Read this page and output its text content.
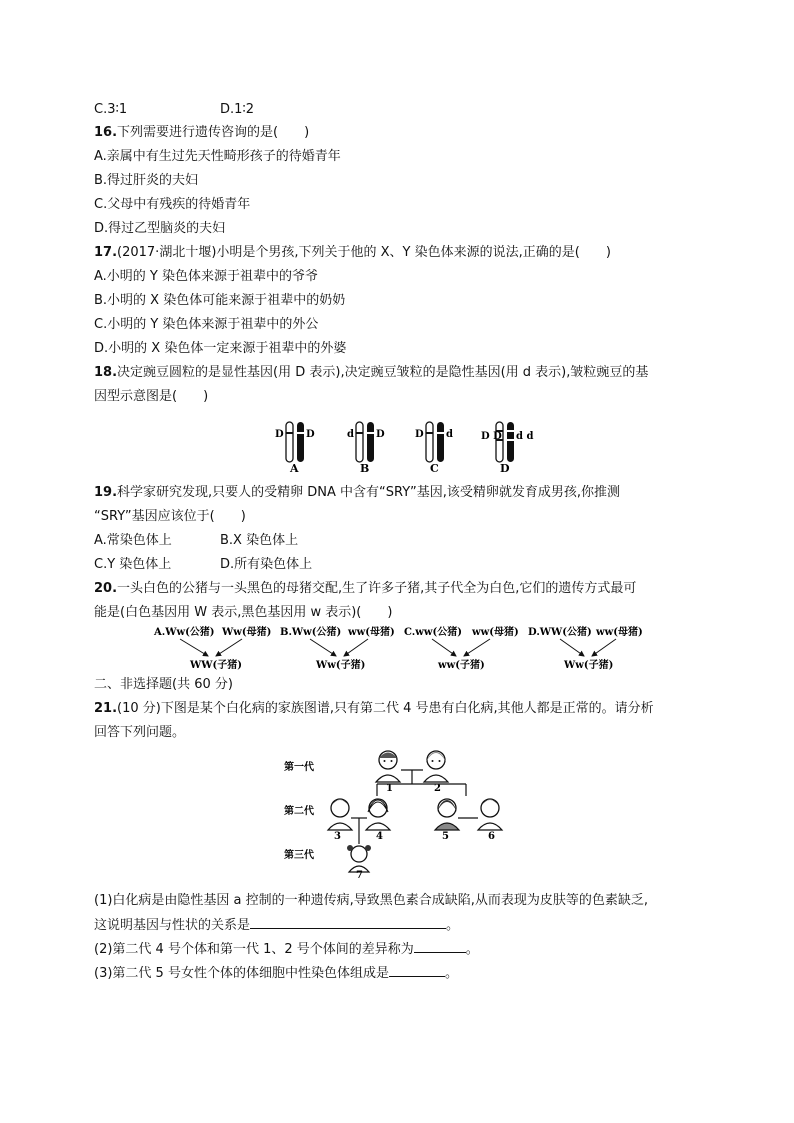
C.3∶1	D.1∶2
16.下列需要进行遗传咨询的是(　　)
A.亲属中有生过先天性畸形孩子的待婚青年
B.得过肝炎的夫妇
C.父母中有残疾的待婚青年
D.得过乙型脑炎的夫妇
17.(2017·湖北十堰)小明是个男孩,下列关于他的 X、Y 染色体来源的说法,正确的是(　　)
A.小明的 Y 染色体来源于祖辈中的爷爷
B.小明的 X 染色体可能来源于祖辈中的奶奶
C.小明的 Y 染色体来源于祖辈中的外公
D.小明的 X 染色体一定来源于祖辈中的外婆
18.决定豌豆圆粒的是显性基因(用 D 表示),决定豌豆皱粒的是隐性基因(用 d 表示),皱粒豌豆的基
因型示意图是(　　)
D D
A
d D
B
D d
C
D D d d
D
19.科学家研究发现,只要人的受精卵 DNA 中含有“SRY”基因,该受精卵就发育成男孩,你推测
“SRY”基因应该位于(　　)
A.常染色体上	B.X 染色体上
C.Y 染色体上	D.所有染色体上
20.一头白色的公猪与一头黑色的母猪交配,生了许多子猪,其子代全为白色,它们的遗传方式最可
能是(白色基因用 W 表示,黑色基因用 w 表示)(　　)
A.Ww(公猪) Ww(母猪)
WW(子猪)
B.Ww(公猪) ww(母猪)
Ww(子猪)
C.ww(公猪) ww(母猪)
ww(子猪)
D.WW(公猪) ww(母猪)
Ww(子猪)
二、非选择题(共 60 分)
21.(10 分)下图是某个白化病的家族图谱,只有第二代 4 号患有白化病,其他人都是正常的。请分析
回答下列问题。
第一代
第二代
第三代
1	2
3	4	5	6
7
(1)白化病是由隐性基因 a 控制的一种遗传病,导致黑色素合成缺陷,从而表现为皮肤等的色素缺乏,
这说明基因与性状的关系是	。
(2)第二代 4 号个体和第一代 1、2 号个体间的差异称为	。
(3)第二代 5 号女性个体的体细胞中性染色体组成是	。
